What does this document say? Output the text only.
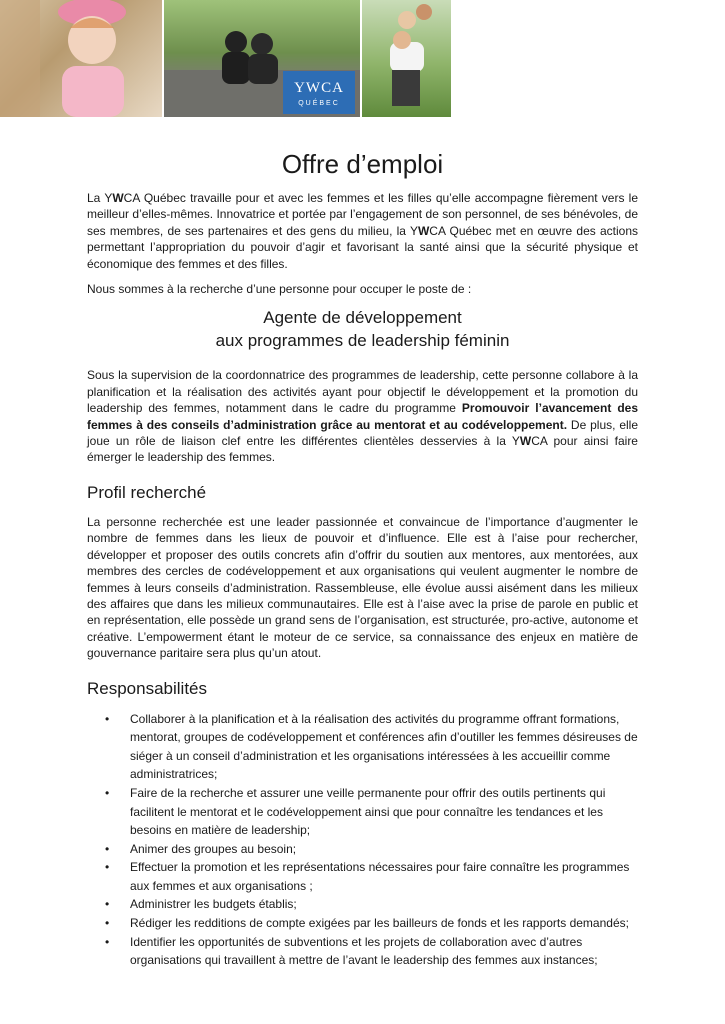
YWCA
QUÉBEC
Offre d’emploi

La YWCA Québec travaille pour et avec les femmes et les filles qu’elle accompagne fièrement vers le meilleur d’elles-mêmes. Innovatrice et portée par l’engagement de son personnel, de ses bénévoles, de ses membres, de ses partenaires et des gens du milieu, la YWCA Québec met en œuvre des actions permettant l’appropriation du pouvoir d’agir et favorisant la santé ainsi que la sécurité physique et économique des femmes et des filles.

Nous sommes à la recherche d’une personne pour occuper le poste de :

Agente de développement
aux programmes de leadership féminin

Sous la supervision de la coordonnatrice des programmes de leadership, cette personne collabore à la planification et la réalisation des activités ayant pour objectif le développement et la promotion du leadership des femmes, notamment dans le cadre du programme Promouvoir l’avancement des femmes à des conseils d’administration grâce au mentorat et au codéveloppement. De plus, elle joue un rôle de liaison clef entre les différentes clientèles desservies à la YWCA pour ainsi faire émerger le leadership des femmes.

Profil recherché

La personne recherchée est une leader passionnée et convaincue de l’importance d’augmenter le nombre de femmes dans les lieux de pouvoir et d’influence. Elle est à l’aise pour rechercher, développer et proposer des outils concrets afin d’offrir du soutien aux mentores, aux mentorées, aux membres des cercles de codéveloppement et aux organisations qui veulent augmenter le nombre de femmes à leurs conseils d’administration. Rassembleuse, elle évolue aussi aisément dans les milieux des affaires que dans les milieux communautaires. Elle est à l’aise avec la prise de parole en public et en représentation, elle possède un grand sens de l’organisation, est structurée, pro-active, autonome et créative. L’empowerment étant le moteur de ce service, sa connaissance des enjeux en matière de gouvernance paritaire sera plus qu’un atout.

Responsabilités
• Collaborer à la planification et à la réalisation des activités du programme offrant formations, mentorat, groupes de codéveloppement et conférences afin d’outiller les femmes désireuses de siéger à un conseil d’administration et les organisations intéressées à les accueillir comme administratrices;
• Faire de la recherche et assurer une veille permanente pour offrir des outils pertinents qui facilitent le mentorat et le codéveloppement ainsi que pour connaître les tendances et les besoins en matière de leadership;
• Animer des groupes au besoin;
• Effectuer la promotion et les représentations nécessaires pour faire connaître les programmes aux femmes et aux organisations ;
• Administrer les budgets établis;
• Rédiger les redditions de compte exigées par les bailleurs de fonds et les rapports demandés;
• Identifier les opportunités de subventions et les projets de collaboration avec d’autres organisations qui travaillent à mettre de l’avant le leadership des femmes aux instances;
